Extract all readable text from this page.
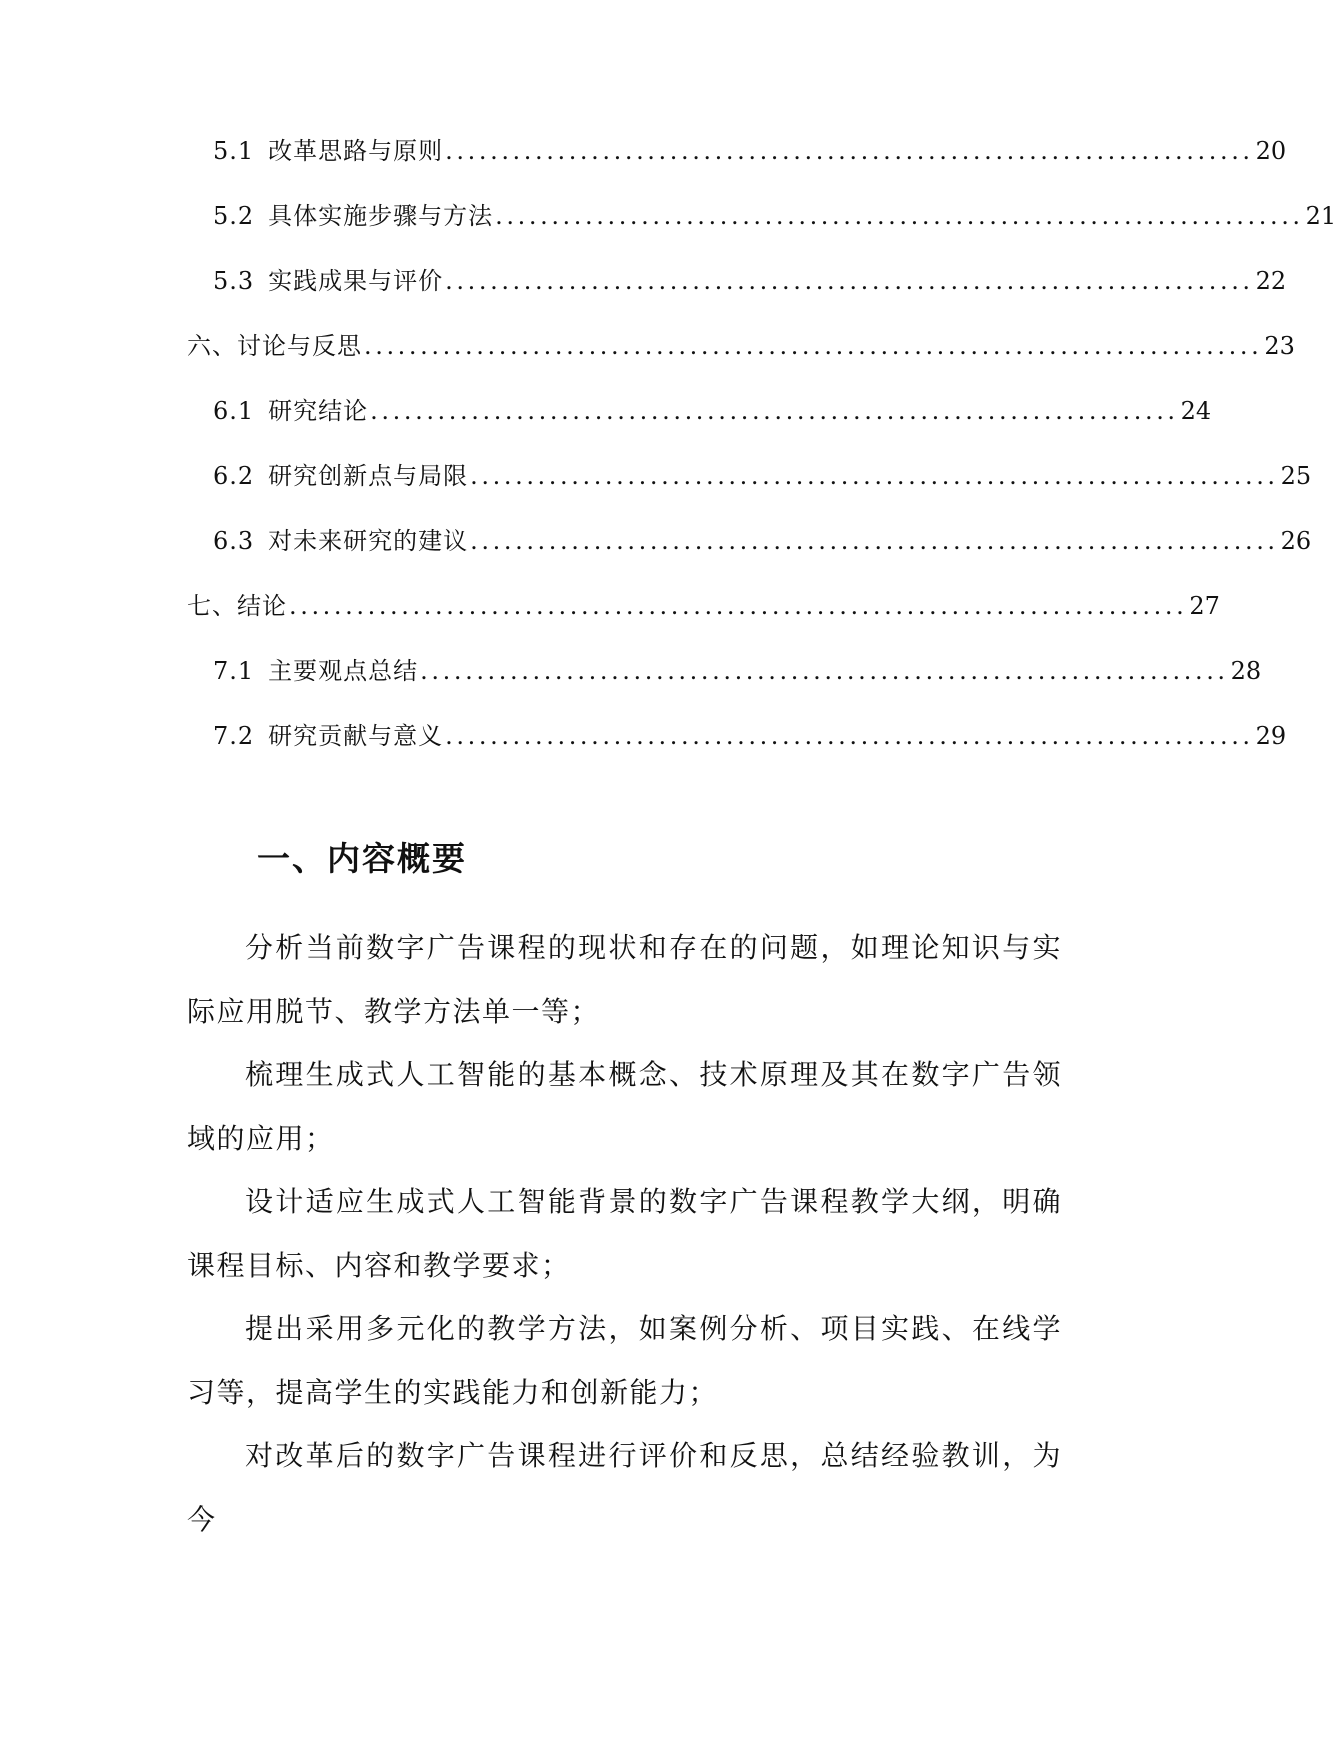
5.1 改革思路与原则 ........................................................................ 20
5.2 具体实施步骤与方法 ........................................................................ 21
5.3 实践成果与评价 ........................................................................ 22
六、讨论与反思 ................................................................................ 23
6.1 研究结论 ........................................................................ 24
6.2 研究创新点与局限 ........................................................................ 25
6.3 对未来研究的建议 ........................................................................ 26
七、结论 ................................................................................ 27
7.1 主要观点总结 ........................................................................ 28
7.2 研究贡献与意义 ........................................................................ 29
一、内容概要

分析当前数字广告课程的现状和存在的问题，如理论知识与实际应用脱节、教学方法单一等；

梳理生成式人工智能的基本概念、技术原理及其在数字广告领域的应用；

设计适应生成式人工智能背景的数字广告课程教学大纲，明确课程目标、内容和教学要求；

提出采用多元化的教学方法，如案例分析、项目实践、在线学习等，提高学生的实践能力和创新能力；

对改革后的数字广告课程进行评价和反思，总结经验教训，为今
